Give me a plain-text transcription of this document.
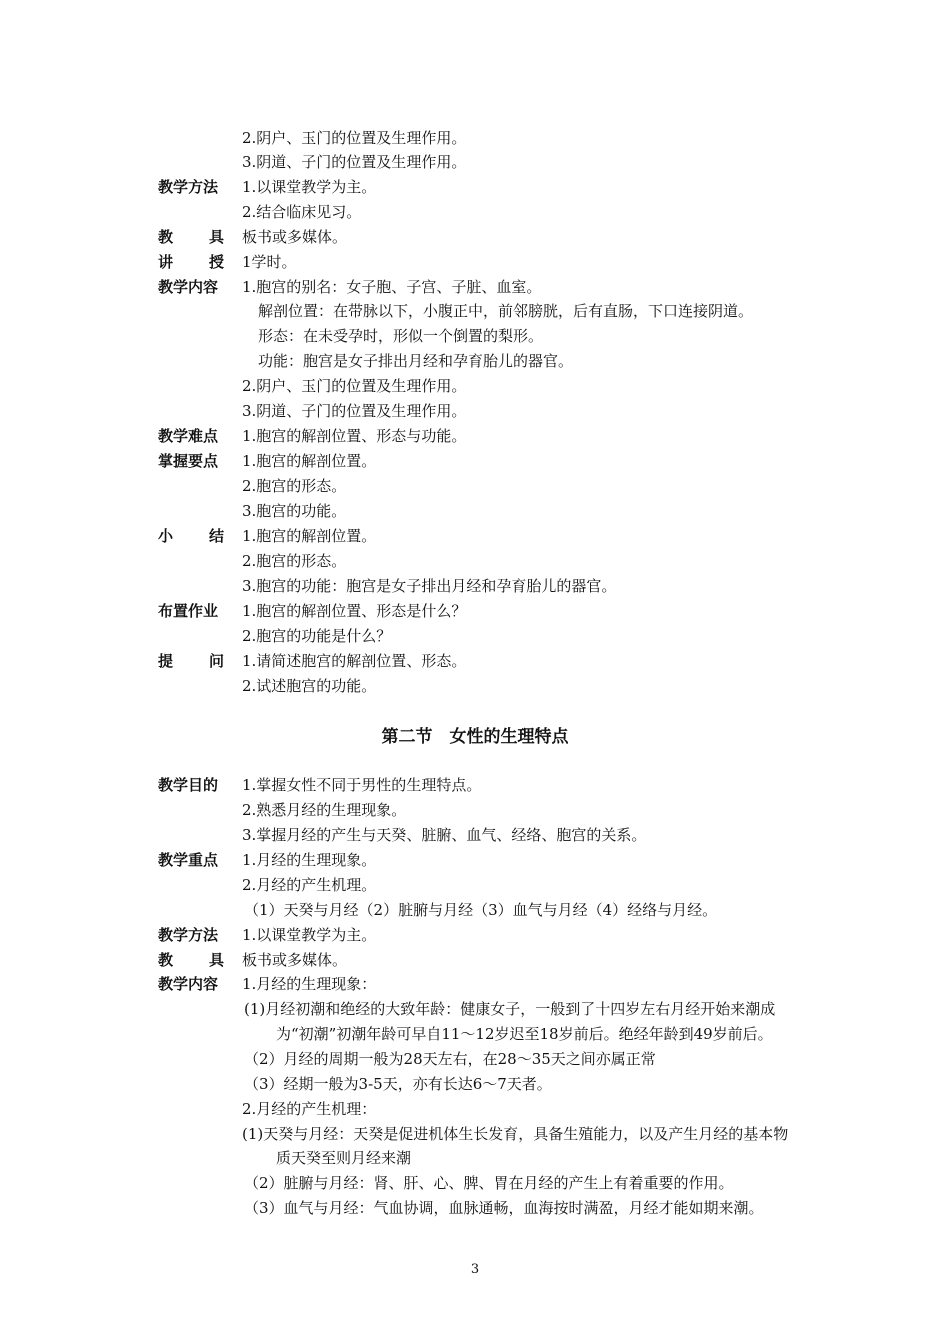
2.阴户、玉门的位置及生理作用。
3.阴道、子门的位置及生理作用。
教学方法	1.以课堂教学为主。
2.结合临床见习。
教 具 板书或多媒体。
讲 授 1学时。
教学内容	1.胞宫的别名：女子胞、子宫、子脏、血室。
解剖位置：在带脉以下，小腹正中，前邻膀胱，后有直肠，下口连接阴道。
形态：在未受孕时，形似一个倒置的梨形。
功能：胞宫是女子排出月经和孕育胎儿的器官。
2.阴户、玉门的位置及生理作用。
3.阴道、子门的位置及生理作用。
教学难点	1.胞宫的解剖位置、形态与功能。
掌握要点	1.胞宫的解剖位置。
2.胞宫的形态。
3.胞宫的功能。
小 结 1.胞宫的解剖位置。
2.胞宫的形态。
3.胞宫的功能：胞宫是女子排出月经和孕育胎儿的器官。
布置作业	1.胞宫的解剖位置、形态是什么？
2.胞宫的功能是什么？
提 问 1.请简述胞宫的解剖位置、形态。
2.试述胞宫的功能。
第二节　女性的生理特点
教学目的	1.掌握女性不同于男性的生理特点。
2.熟悉月经的生理现象。
3.掌握月经的产生与天癸、脏腑、血气、经络、胞宫的关系。
教学重点	1.月经的生理现象。
2.月经的产生机理。
（1）天癸与月经（2）脏腑与月经（3）血气与月经（4）经络与月经。
教学方法	1.以课堂教学为主。
教 具 板书或多媒体。
教学内容	1.月经的生理现象：
(1)月经初潮和绝经的大致年龄：健康女子，一般到了十四岁左右月经开始来潮成
为“初潮”初潮年龄可早自11～12岁迟至18岁前后。绝经年龄到49岁前后。
（2）月经的周期一般为28天左右，在28～35天之间亦属正常
（3）经期一般为3-5天，亦有长达6～7天者。
2.月经的产生机理：
(1)天癸与月经：天癸是促进机体生长发育，具备生殖能力，以及产生月经的基本物
质天癸至则月经来潮
（2）脏腑与月经：肾、肝、心、脾、胃在月经的产生上有着重要的作用。
（3）血气与月经：气血协调，血脉通畅，血海按时满盈，月经才能如期来潮。
3
